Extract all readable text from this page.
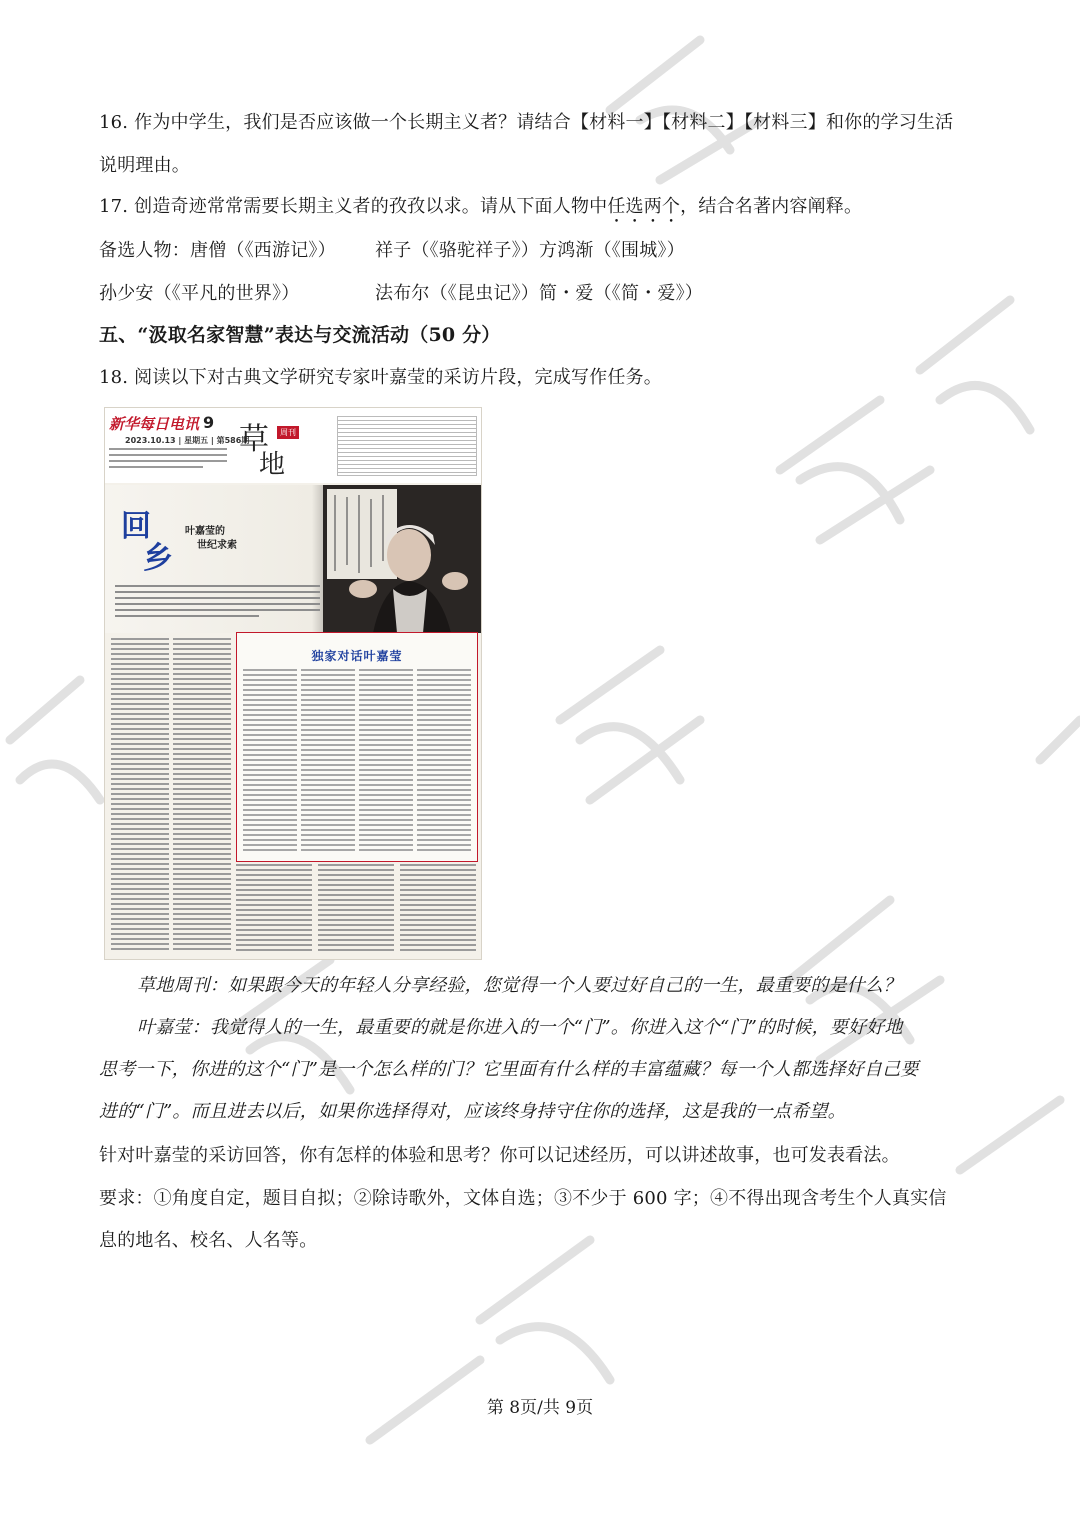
16. 作为中学生，我们是否应该做一个长期主义者？请结合【材料一】【材料二】【材料三】和你的学习生活
说明理由。
17. 创造奇迹常常需要长期主义者的孜孜以求。请从下面人物中任选两个，结合名著内容阐释。
备选人物：唐僧（《西游记》） 祥子（《骆驼祥子》）方鸿渐（《围城》）
孙少安（《平凡的世界》）	法布尔（《昆虫记》）简・爱（《简・爱》）
五、“汲取名家智慧”表达与交流活动（50 分）
18. 阅读以下对古典文学研究专家叶嘉莹的采访片段，完成写作任务。
新华每日电讯 9
2023.10.13 | 星期五 | 第586期
草
地
周刊
回
乡
叶嘉莹的
世纪求索
独家对话叶嘉莹
草地周刊：如果跟今天的年轻人分享经验，您觉得一个人要过好自己的一生，最重要的是什么？
叶嘉莹：我觉得人的一生，最重要的就是你进入的一个“门”。你进入这个“门”的时候，要好好地
思考一下，你进的这个“门”是一个怎么样的门？它里面有什么样的丰富蕴藏？每一个人都选择好自己要
进的“门”。而且进去以后，如果你选择得对，应该终身持守住你的选择，这是我的一点希望。
针对叶嘉莹的采访回答，你有怎样的体验和思考？你可以记述经历，可以讲述故事，也可发表看法。
要求：①角度自定，题目自拟；②除诗歌外，文体自选；③不少于 600 字；④不得出现含考生个人真实信
息的地名、校名、人名等。
第 8页/共 9页
